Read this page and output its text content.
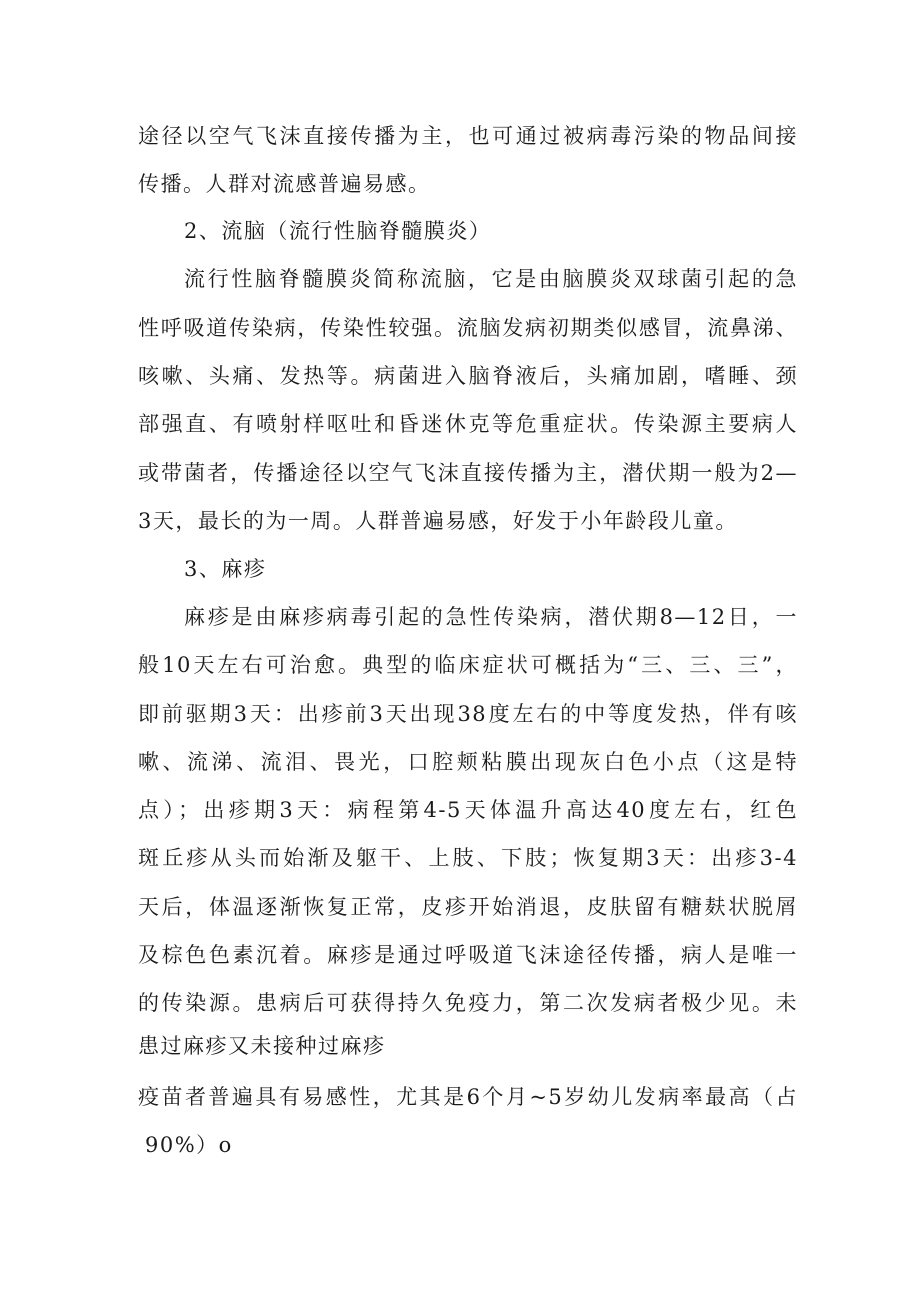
途径以空气飞沫直接传播为主，也可通过被病毒污染的物品间接
传播。人群对流感普遍易感。
2、流脑（流行性脑脊髓膜炎）
流行性脑脊髓膜炎简称流脑，它是由脑膜炎双球菌引起的急
性呼吸道传染病，传染性较强。流脑发病初期类似感冒，流鼻涕、
咳嗽、头痛、发热等。病菌进入脑脊液后，头痛加剧，嗜睡、颈
部强直、有喷射样呕吐和昏迷休克等危重症状。传染源主要病人
或带菌者，传播途径以空气飞沫直接传播为主，潜伏期一般为2—
3天，最长的为一周。人群普遍易感，好发于小年龄段儿童。
3、麻疹
麻疹是由麻疹病毒引起的急性传染病，潜伏期8—12日，一
般10天左右可治愈。典型的临床症状可概括为“三、三、三”，
即前驱期3天：出疹前3天出现38度左右的中等度发热，伴有咳
嗽、流涕、流泪、畏光，口腔颊粘膜出现灰白色小点（这是特
点）；出疹期3天：病程第4-5天体温升高达40度左右，红色
斑丘疹从头而始渐及躯干、上肢、下肢；恢复期3天：出疹3-4
天后，体温逐渐恢复正常，皮疹开始消退，皮肤留有糖麸状脱屑
及棕色色素沉着。麻疹是通过呼吸道飞沫途径传播，病人是唯一
的传染源。患病后可获得持久免疫力，第二次发病者极少见。未
患过麻疹又未接种过麻疹
疫苗者普遍具有易感性，尤其是6个月~5岁幼儿发病率最高（占
90%）o
